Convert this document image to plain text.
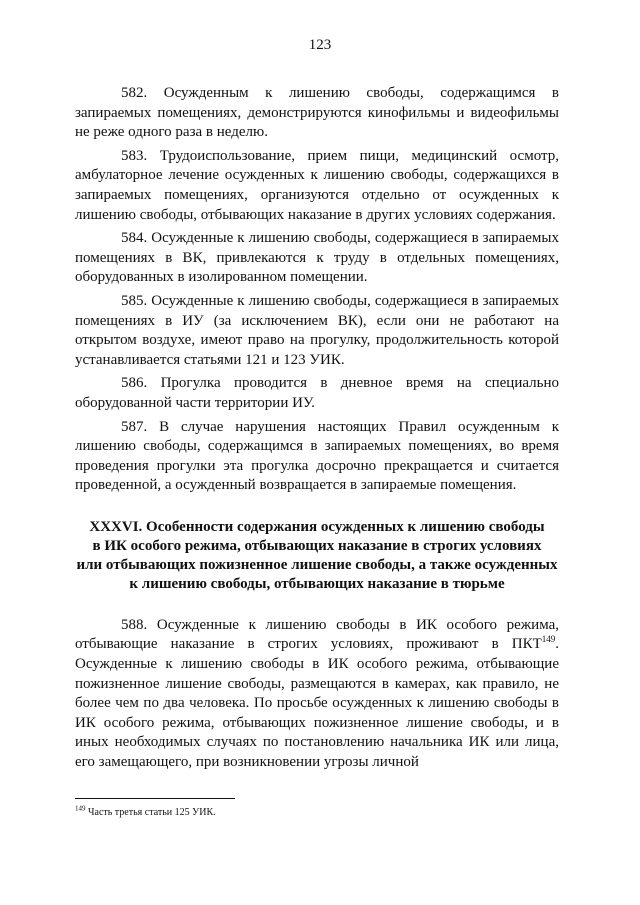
123

582. Осужденным к лишению свободы, содержащимся в запираемых помещениях, демонстрируются кинофильмы и видеофильмы не реже одного раза в неделю.

583. Трудоиспользование, прием пищи, медицинский осмотр, амбулаторное лечение осужденных к лишению свободы, содержащихся в запираемых помещениях, организуются отдельно от осужденных к лишению свободы, отбывающих наказание в других условиях содержания.

584. Осужденные к лишению свободы, содержащиеся в запираемых помещениях в ВК, привлекаются к труду в отдельных помещениях, оборудованных в изолированном помещении.

585. Осужденные к лишению свободы, содержащиеся в запираемых помещениях в ИУ (за исключением ВК), если они не работают на открытом воздухе, имеют право на прогулку, продолжительность которой устанавливается статьями 121 и 123 УИК.

586. Прогулка проводится в дневное время на специально оборудованной части территории ИУ.

587. В случае нарушения настоящих Правил осужденным к лишению свободы, содержащимся в запираемых помещениях, во время проведения прогулки эта прогулка досрочно прекращается и считается проведенной, а осужденный возвращается в запираемые помещения.

XXXVI. Особенности содержания осужденных к лишению свободы
в ИК особого режима, отбывающих наказание в строгих условиях
или отбывающих пожизненное лишение свободы, а также осужденных
к лишению свободы, отбывающих наказание в тюрьме

588. Осужденные к лишению свободы в ИК особого режима, отбывающие наказание в строгих условиях, проживают в ПКТ$^{149}$. Осужденные к лишению свободы в ИК особого режима, отбывающие пожизненное лишение свободы, размещаются в камерах, как правило, не более чем по два человека. По просьбе осужденных к лишению свободы в ИК особого режима, отбывающих пожизненное лишение свободы, и в иных необходимых случаях по постановлению начальника ИК или лица, его замещающего, при возникновении угрозы личной

$^{149}$ Часть третья статьи 125 УИК.
